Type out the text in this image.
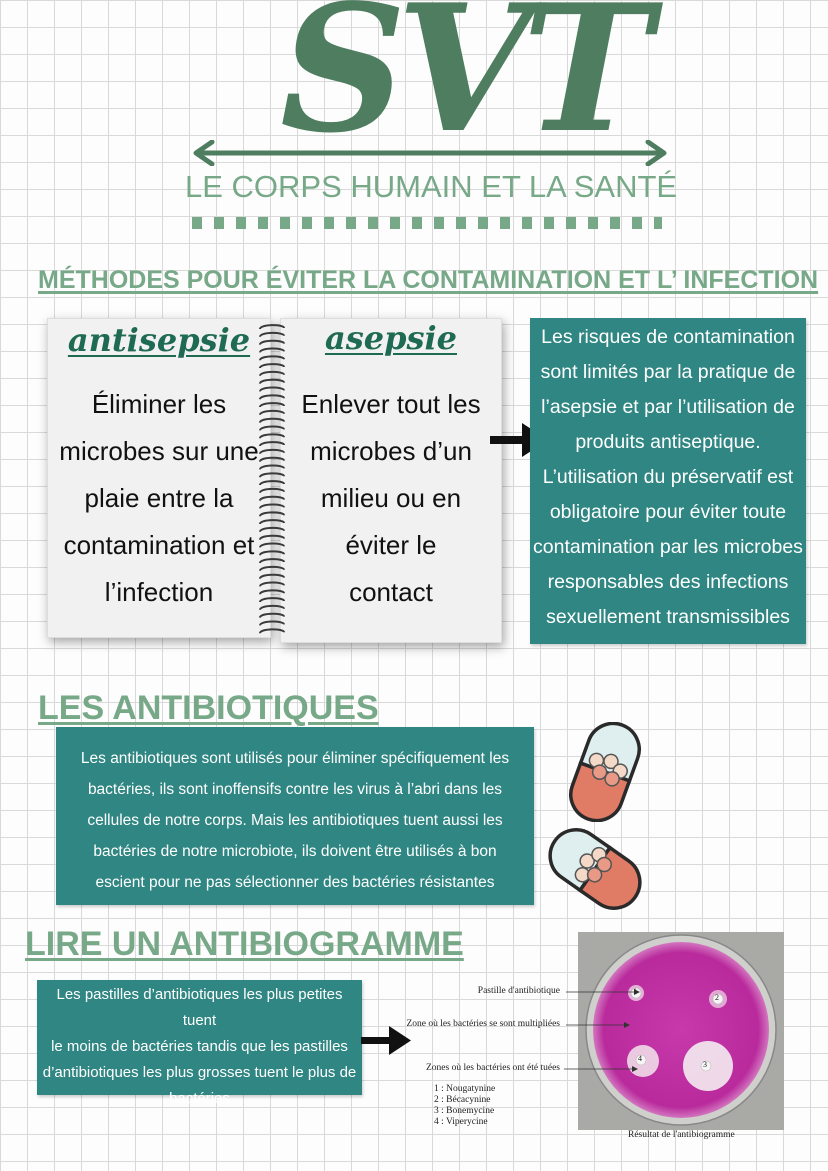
SVT
LE CORPS HUMAIN ET LA SANTÉ
MÉTHODES POUR ÉVITER LA CONTAMINATION ET L’ INFECTION
antisepsie
Éliminer les
microbes sur une
plaie entre la
contamination et
l’infection
asepsie
Enlever tout les
microbes d’un
milieu ou en
éviter le
contact
Les risques de contamination
sont limités par la pratique de
l’asepsie et par l’utilisation de
produits antiseptique.
L’utilisation du préservatif est
obligatoire pour éviter toute
contamination par les microbes
responsables des infections
sexuellement transmissibles
LES ANTIBIOTIQUES
Les antibiotiques sont utilisés pour éliminer spécifiquement les
bactéries, ils sont inoffensifs contre les virus à l’abri dans les
cellules de notre corps. Mais les antibiotiques tuent aussi les
bactéries de notre microbiote, ils doivent être utilisés à bon
escient pour ne pas sélectionner des bactéries résistantes
LIRE UN ANTIBIOGRAMME
Les pastilles d’antibiotiques les plus petites tuent
le moins de bactéries tandis que les pastilles
d’antibiotiques les plus grosses tuent le plus de
bactéries
Pastille d'antibiotique
Zone où les bactéries se sont multipliées
Zones où les bactéries ont été tuées
1
2
3
4
1 : Nougatynine
2 : Bécacynine
3 : Bonemycine
4 : Viperycine
Résultat de l'antibiogramme
